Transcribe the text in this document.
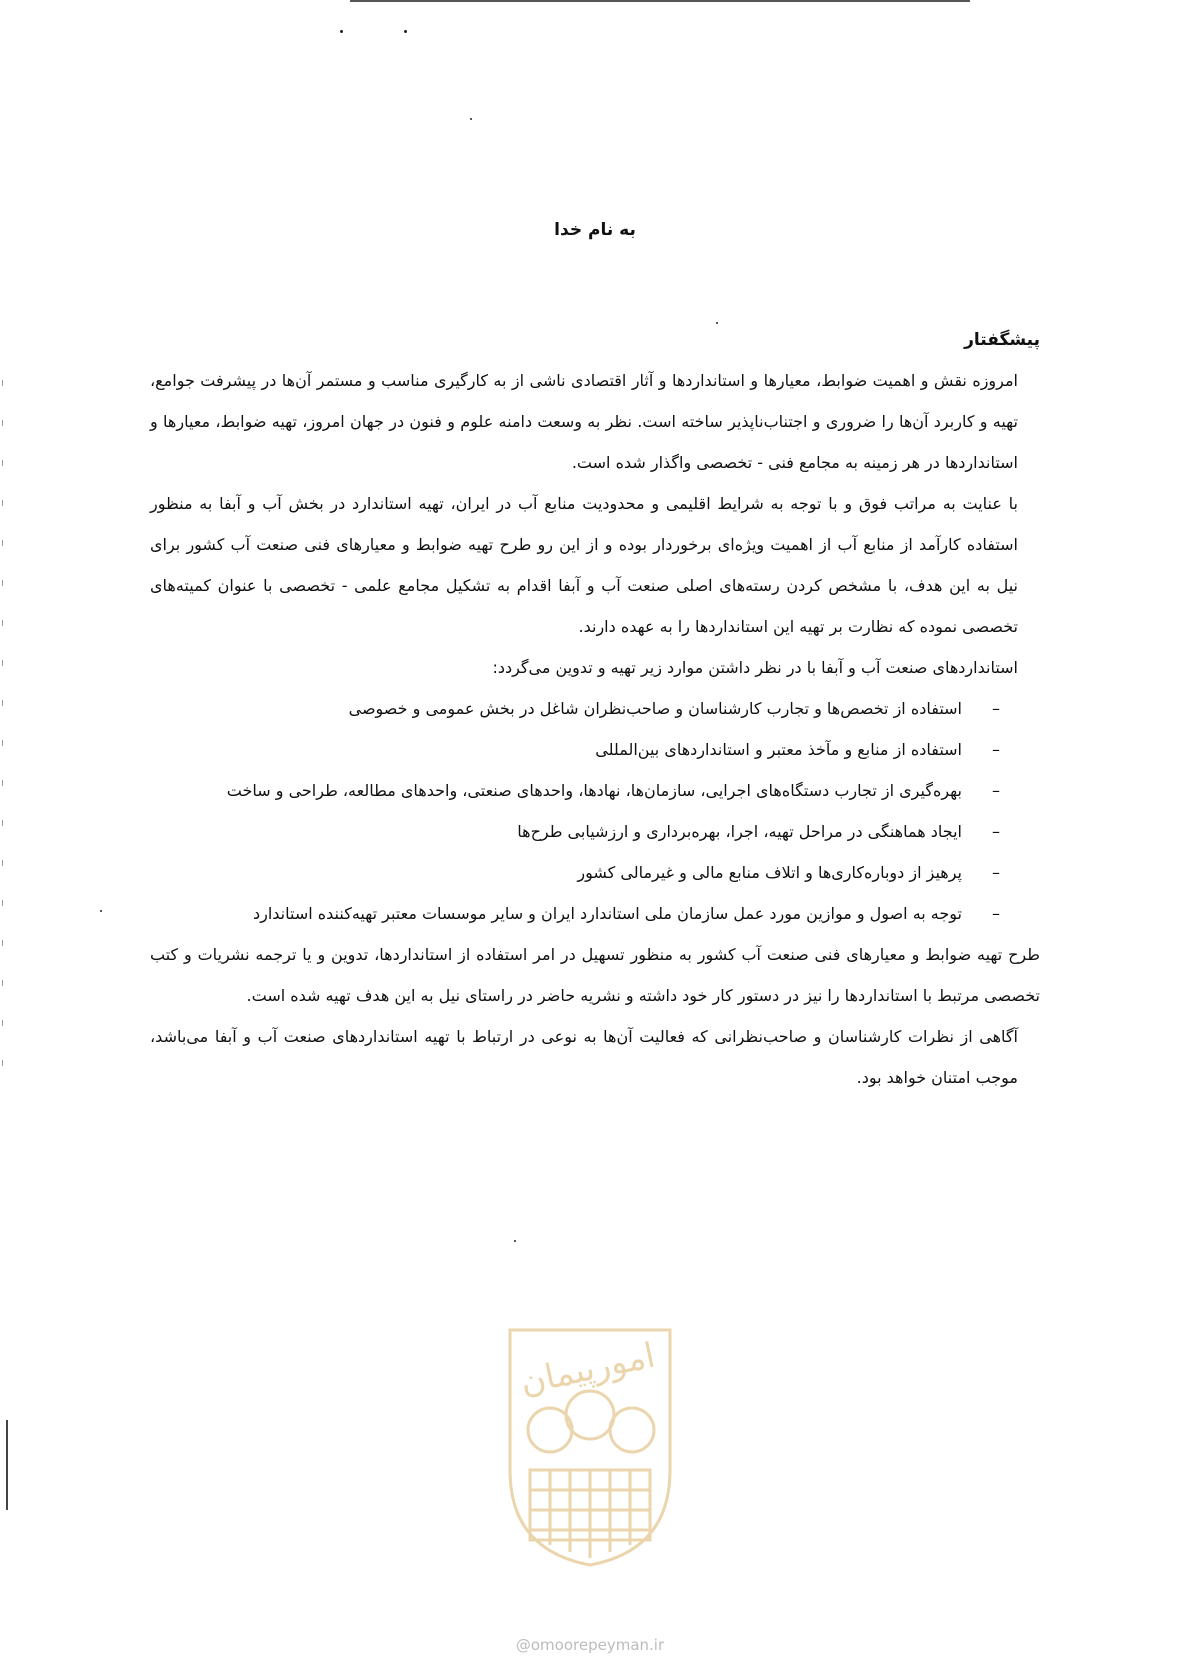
به نام خدا
پیشگفتار

امروزه نقش و اهمیت ضوابط، معیارها و استانداردها و آثار اقتصادی ناشی از به کارگیری مناسب و مستمر آن‌ها در پیشرفت جوامع، تهیه و کاربرد آن‌ها را ضروری و اجتناب‌ناپذیر ساخته است. نظر به وسعت دامنه علوم و فنون در جهان امروز، تهیه ضوابط، معیارها و استانداردها در هر زمینه به مجامع فنی - تخصصی واگذار شده است.

با عنایت به مراتب فوق و با توجه به شرایط اقلیمی و محدودیت منابع آب در ایران، تهیه استاندارد در بخش آب و آبفا به منظور استفاده کارآمد از منابع آب از اهمیت ویژه‌ای برخوردار بوده و از این رو طرح تهیه ضوابط و معیارهای فنی صنعت آب کشور برای نیل به این هدف، با مشخص کردن رسته‌های اصلی صنعت آب و آبفا اقدام به تشکیل مجامع علمی - تخصصی با عنوان کمیته‌های تخصصی نموده که نظارت بر تهیه این استانداردها را به عهده دارند.

استانداردهای صنعت آب و آبفا با در نظر داشتن موارد زیر تهیه و تدوین می‌گردد:

–
استفاده از تخصص‌ها و تجارب کارشناسان و صاحب‌نظران شاغل در بخش عمومی و خصوصی
–
استفاده از منابع و مآخذ معتبر و استانداردهای بین‌المللی
–
بهره‌گیری از تجارب دستگاه‌های اجرایی، سازمان‌ها، نهادها، واحدهای صنعتی، واحدهای مطالعه، طراحی و ساخت
–
ایجاد هماهنگی در مراحل تهیه، اجرا، بهره‌برداری و ارزشیابی طرح‌ها
–
پرهیز از دوباره‌کاری‌ها و اتلاف منابع مالی و غیرمالی کشور
–
توجه به اصول و موازین مورد عمل سازمان ملی استاندارد ایران و سایر موسسات معتبر تهیه‌کننده استاندارد

طرح تهیه ضوابط و معیارهای فنی صنعت آب کشور به منظور تسهیل در امر استفاده از استانداردها، تدوین و یا ترجمه نشریات و کتب تخصصی مرتبط با استانداردها را نیز در دستور کار خود داشته و نشریه حاضر در راستای نیل به این هدف تهیه شده است.

آگاهی از نظرات کارشناسان و صاحب‌نظرانی که فعالیت آن‌ها به نوعی در ارتباط با تهیه استانداردهای صنعت آب و آبفا می‌باشد، موجب امتنان خواهد بود.

امورپیمان
@omoorepeyman.ir
